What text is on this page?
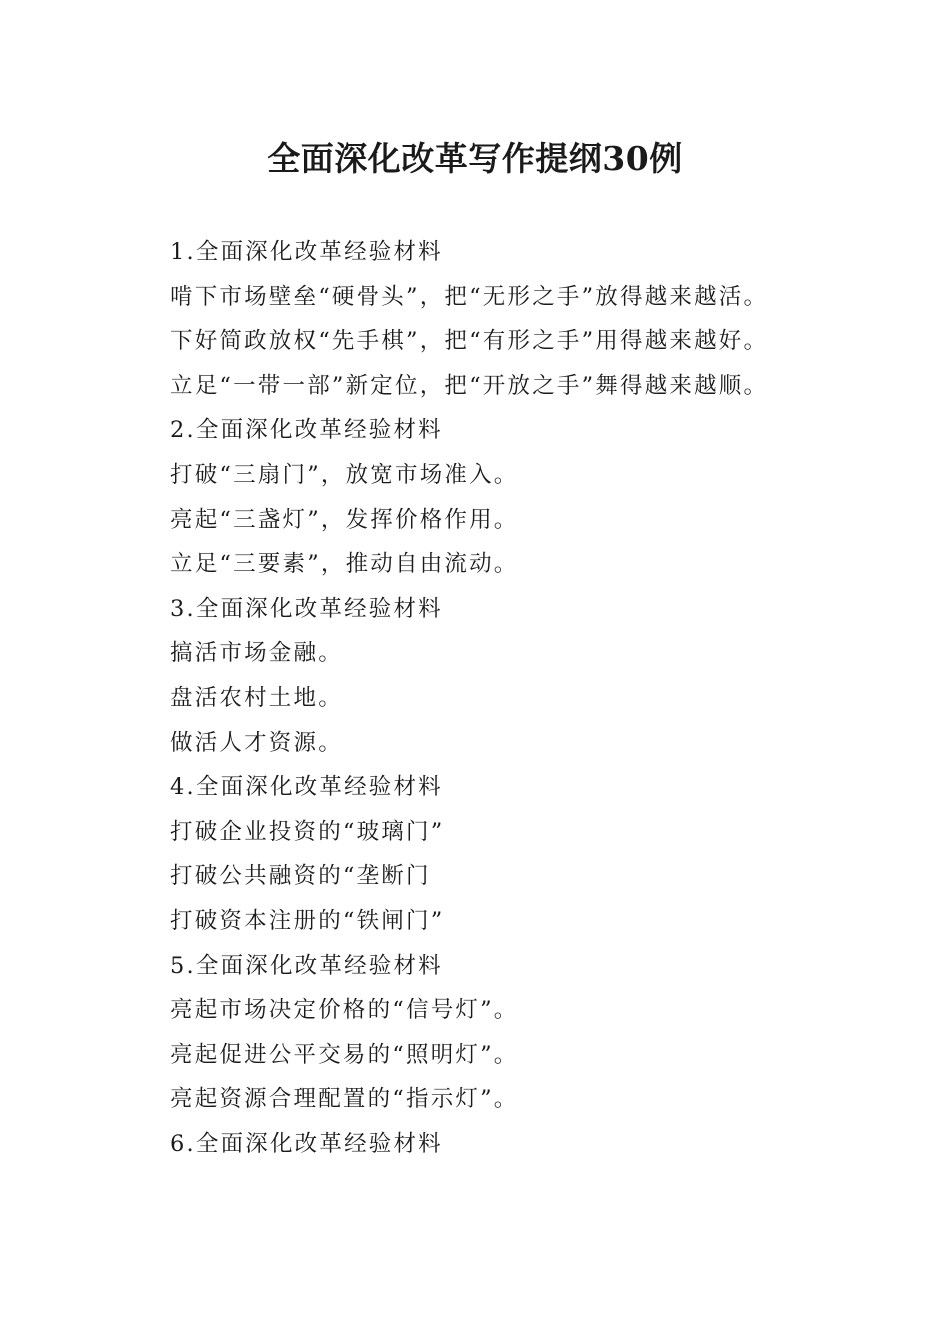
全面深化改革写作提纲30例
1.全面深化改革经验材料
啃下市场壁垒“硬骨头”，把“无形之手”放得越来越活。
下好简政放权“先手棋”，把“有形之手”用得越来越好。
立足“一带一部”新定位，把“开放之手”舞得越来越顺。
2.全面深化改革经验材料
打破“三扇门”，放宽市场准入。
亮起“三盏灯”，发挥价格作用。
立足“三要素”，推动自由流动。
3.全面深化改革经验材料
搞活市场金融。
盘活农村土地。
做活人才资源。
4.全面深化改革经验材料
打破企业投资的“玻璃门”
打破公共融资的“垄断门
打破资本注册的“铁闸门”
5.全面深化改革经验材料
亮起市场决定价格的“信号灯”。
亮起促进公平交易的“照明灯”。
亮起资源合理配置的“指示灯”。
6.全面深化改革经验材料
